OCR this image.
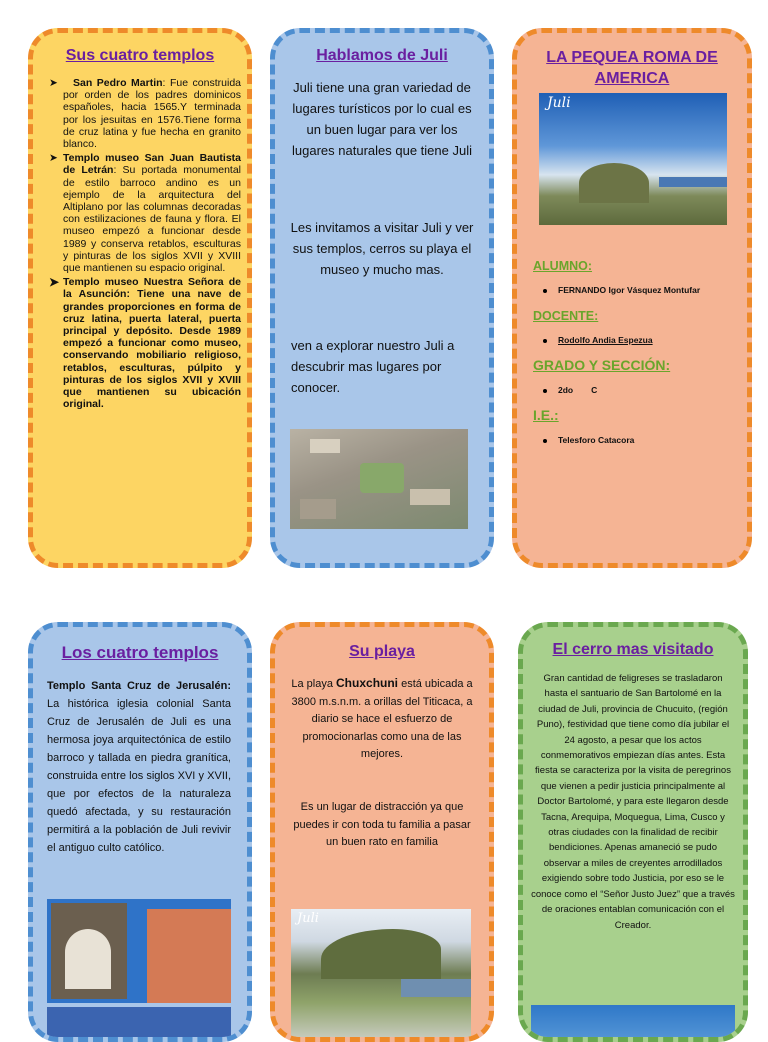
Sus cuatro templos
➤ San Pedro Martin: Fue construida por orden de los padres dominicos españoles, hacia 1565.Y terminada por los jesuitas en 1576.Tiene forma de cruz latina y fue hecha en granito blanco.
➤ Templo museo San Juan Bautista de Letrán: Su portada monumental de estilo barroco andino es un ejemplo de la arquitectura del Altiplano por las columnas decoradas con estilizaciones de fauna y flora. El museo empezó a funcionar desde 1989 y conserva retablos, esculturas y pinturas de los siglos XVII y XVIII que mantienen su espacio original.
➤ Templo museo Nuestra Señora de la Asunción: Tiene una nave de grandes proporciones en forma de cruz latina, puerta lateral, puerta principal y depósito. Desde 1989 empezó a funcionar como museo, conservando mobiliario religioso, retablos, esculturas, púlpito y pinturas de los siglos XVII y XVIII que mantienen su ubicación original.
Hablamos de Juli

Juli tiene una gran variedad de lugares turísticos por lo cual es un buen lugar para ver los lugares naturales que tiene Juli

Les invitamos a visitar Juli y ver sus templos, cerros su playa el museo y mucho mas.

ven a explorar nuestro Juli a descubrir mas lugares por conocer.

LA PEQUEA ROMA DE AMERICA
Juli
ALUMNO:
FERNANDO Igor Vásquez Montufar
DOCENTE:
Rodolfo Andia Espezua
GRADO Y SECCIÓN:
2do C
I.E.:
Telesforo Catacora
Los cuatro templos

Templo Santa Cruz de Jerusalén: La histórica iglesia colonial Santa Cruz de Jerusalén de Juli es una hermosa joya arquitectónica de estilo barroco y tallada en piedra granítica, construida entre los siglos XVI y XVII, que por efectos de la naturaleza quedó afectada, y su restauración permitirá a la población de Juli revivir el antiguo culto católico.

Su playa

La playa Chuxchuni está ubicada a 3800 m.s.n.m. a orillas del Titicaca, a diario se hace el esfuerzo de promocionarlas como una de las mejores.

Es un lugar de distracción ya que puedes ir con toda tu familia a pasar un buen rato en familia

Juli
El cerro mas visitado

Gran cantidad de feligreses se trasladaron hasta el santuario de San Bartolomé en la ciudad de Juli, provincia de Chucuito, (región Puno), festividad que tiene como día jubilar el 24 agosto, a pesar que los actos conmemorativos empiezan días antes. Esta fiesta se caracteriza por la visita de peregrinos que vienen a pedir justicia principalmente al Doctor Bartolomé, y para este llegaron desde Tacna, Arequipa, Moquegua, Lima, Cusco y otras ciudades con la finalidad de recibir bendiciones. Apenas amaneció se pudo observar a miles de creyentes arrodillados exigiendo sobre todo Justicia, por eso se le conoce como el “Señor Justo Juez” que a través de oraciones entablan comunicación con el Creador.
